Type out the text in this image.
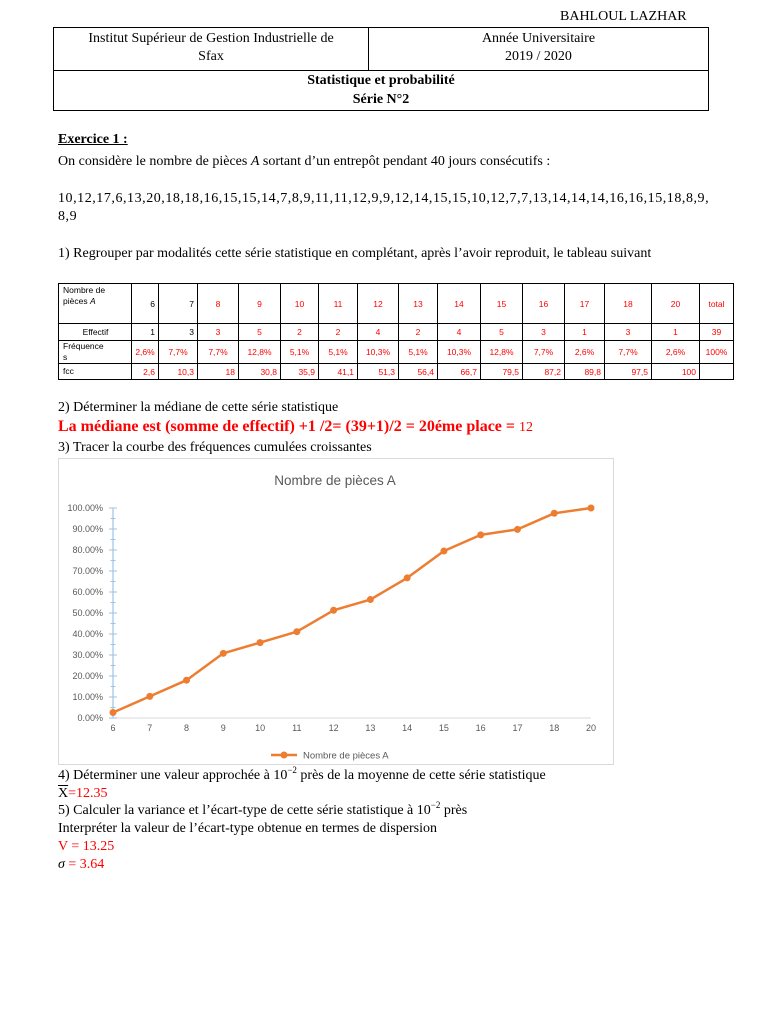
BAHLOUL LAZHAR
Institut Supérieur de Gestion Industrielle de
Sfax
Année Universitaire
2019 / 2020
Statistique et probabilité
Série N°2
Exercice 1 :
On considère le nombre de pièces A sortant d’un entrepôt pendant 40 jours consécutifs :
10,12,17,6,13,20,18,18,16,15,15,14,7,8,9,11,11,12,9,9,12,14,15,15,10,12,7,7,13,14,14,14,16,16,15,18,8,9,
8,9
1) Regrouper par modalités cette série statistique en complétant, après l’avoir reproduit, le tableau suivant
Nombre de
pièces A	6	7	8	9	10	11	12	13	14	15	16	17	18	20	total
Effectif	1	3	3	5	2	2	4	2	4	5	3	1	3	1	39

Fréquence
s	2,6%	7,7%	7,7%	12,8%	5,1%	5,1%	10,3%	5,1%	10,3%	12,8%	7,7%	2,6%	7,7%	2,6%	100%
fcc	2,6	10,3	18	30,8	35,9	41,1	51,3	56,4	66,7	79,5	87,2	89,8	97,5	100	
2) Déterminer la médiane de cette série statistique
La médiane est (somme de effectif) +1 /2= (39+1)/2 = 20éme place = 12
3) Tracer la courbe des fréquences cumulées croissantes
Nombre de pièces A
0.00%
10.00%
20.00%
30.00%
40.00%
50.00%
60.00%
70.00%
80.00%
90.00%
100.00%
6	7	8	9	10	11	12	13	14	15	16	17	18	20
Nombre de pièces A
4) Déterminer une valeur approchée à $10^{-2}$ près de la moyenne de cette série statistique
$\overline{X}=12.35$
5) Calculer la variance et l’écart-type de cette série statistique à $10^{-2}$ près
Interpréter la valeur de l’écart-type obtenue en termes de dispersion
V = 13.25
σ = 3.64
